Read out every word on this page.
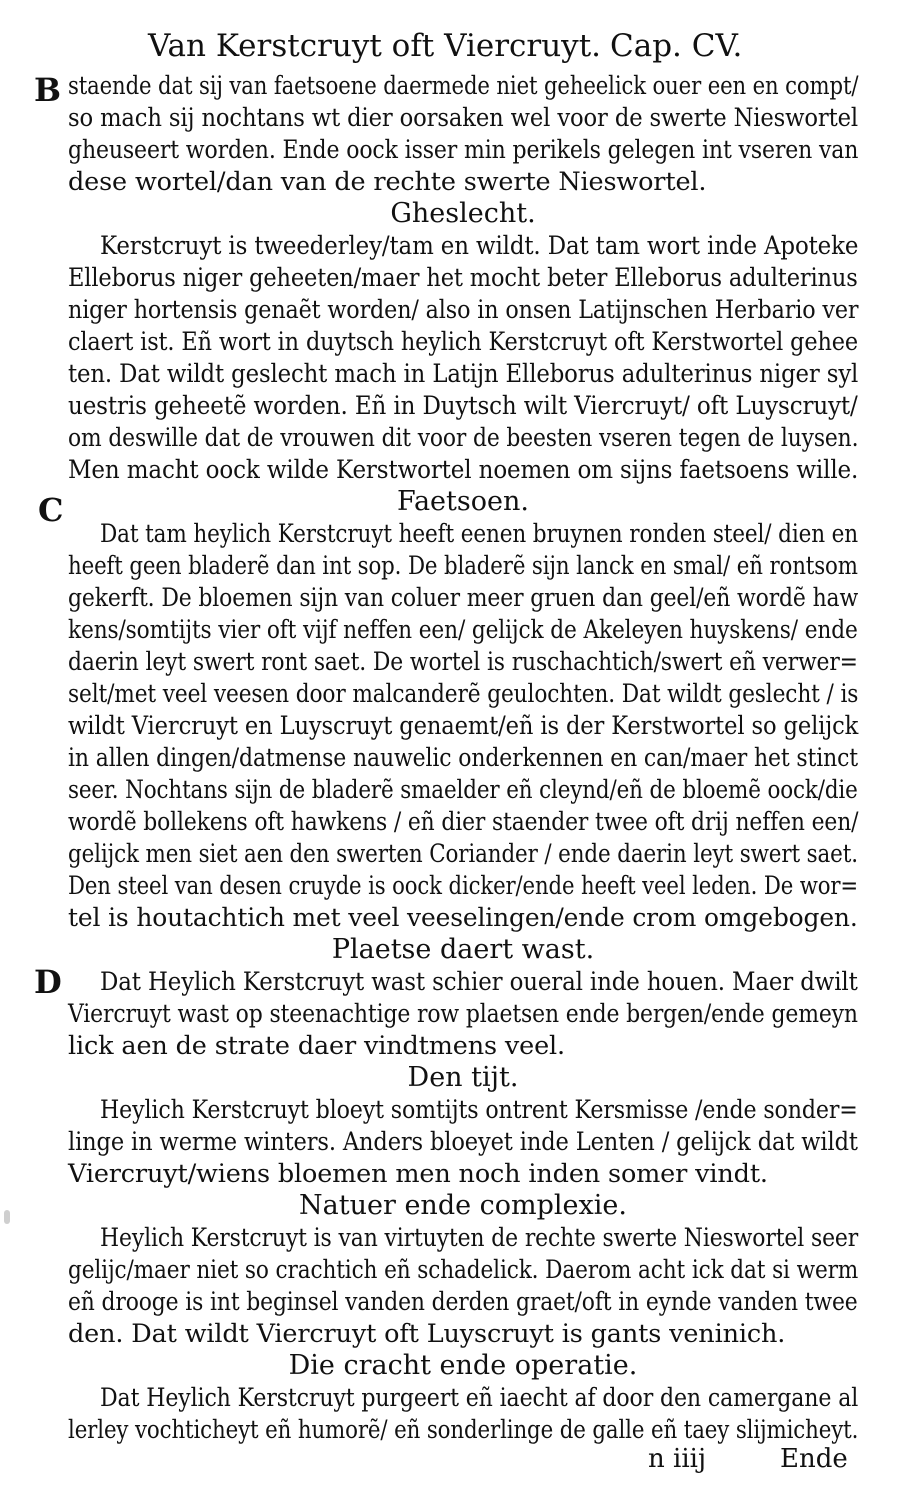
Van Kerstcruyt oft Viercruyt. Cap. CV.
B
C
D
staende dat sij van faetsoene daermede niet geheelick ouer een en compt/
so mach sij nochtans wt dier oorsaken wel voor de swerte Nieswortel
gheuseert worden. Ende oock isser min perikels gelegen int vseren van
dese wortel/dan van de rechte swerte Nieswortel.
Gheslecht.
Kerstcruyt is tweederley/tam en wildt. Dat tam wort inde Apoteke
Elleborus niger geheeten/maer het mocht beter Elleborus adulterinus
niger hortensis genaẽt worden/ also in onsen Latijnschen Herbario ver
claert ist. Eñ wort in duytsch heylich Kerstcruyt oft Kerstwortel gehee
ten. Dat wildt geslecht mach in Latijn Elleborus adulterinus niger syl
uestris geheetẽ worden. Eñ in Duytsch wilt Viercruyt/ oft Luyscruyt/
om deswille dat de vrouwen dit voor de beesten vseren tegen de luysen.
Men macht oock wilde Kerstwortel noemen om sijns faetsoens wille.
Faetsoen.
Dat tam heylich Kerstcruyt heeft eenen bruynen ronden steel/ dien en
heeft geen bladerẽ dan int sop. De bladerẽ sijn lanck en smal/ eñ rontsom
gekerft. De bloemen sijn van coluer meer gruen dan geel/eñ wordẽ haw
kens/somtijts vier oft vijf neffen een/ gelijck de Akeleyen huyskens/ ende
daerin leyt swert ront saet. De wortel is ruschachtich/swert eñ verwer=
selt/met veel veesen door malcanderẽ geulochten. Dat wildt geslecht / is
wildt Viercruyt en Luyscruyt genaemt/eñ is der Kerstwortel so gelijck
in allen dingen/datmense nauwelic onderkennen en can/maer het stinct
seer. Nochtans sijn de bladerẽ smaelder eñ cleynd/eñ de bloemẽ oock/die
wordẽ bollekens oft hawkens / eñ dier staender twee oft drij neffen een/
gelijck men siet aen den swerten Coriander / ende daerin leyt swert saet.
Den steel van desen cruyde is oock dicker/ende heeft veel leden. De wor=
tel is houtachtich met veel veeselingen/ende crom omgebogen.
Plaetse daert wast.
Dat Heylich Kerstcruyt wast schier oueral inde houen. Maer dwilt
Viercruyt wast op steenachtige row plaetsen ende bergen/ende gemeyn
lick aen de strate daer vindtmens veel.
Den tijt.
Heylich Kerstcruyt bloeyt somtijts ontrent Kersmisse /ende sonder=
linge in werme winters. Anders bloeyet inde Lenten / gelijck dat wildt
Viercruyt/wiens bloemen men noch inden somer vindt.
Natuer ende complexie.
Heylich Kerstcruyt is van virtuyten de rechte swerte Nieswortel seer
gelijc/maer niet so crachtich eñ schadelick. Daerom acht ick dat si werm
eñ drooge is int beginsel vanden derden graet/oft in eynde vanden twee
den. Dat wildt Viercruyt oft Luyscruyt is gants veninich.
Die cracht ende operatie.
Dat Heylich Kerstcruyt purgeert eñ iaecht af door den camergane al
lerley vochticheyt eñ humorẽ/ eñ sonderlinge de galle eñ taey slijmicheyt.
n iiij	Ende
